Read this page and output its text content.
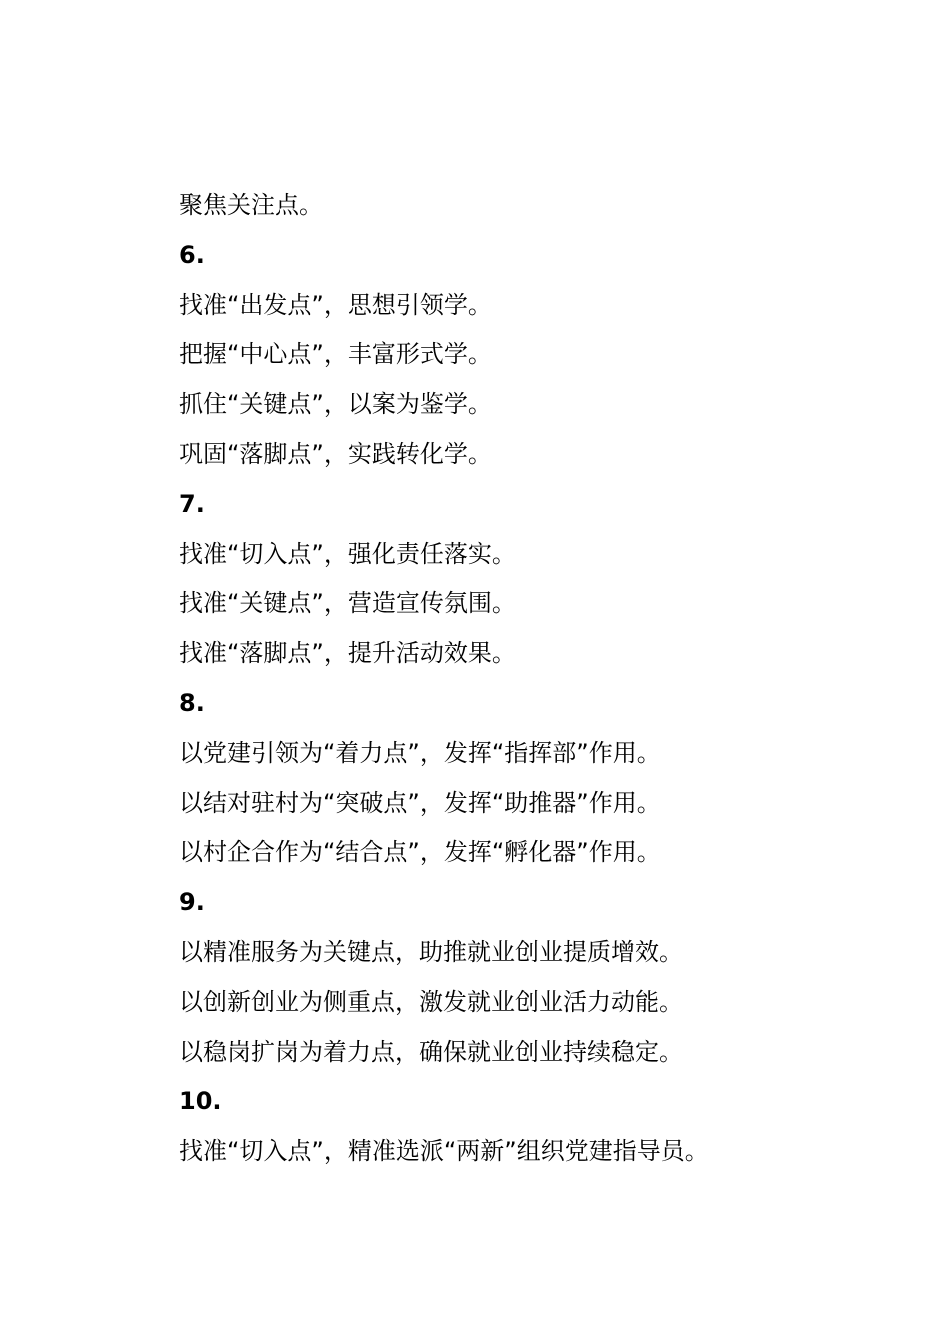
聚焦关注点。

6.

找准“出发点”，思想引领学。

把握“中心点”，丰富形式学。

抓住“关键点”，以案为鉴学。

巩固“落脚点”，实践转化学。

7.

找准“切入点”，强化责任落实。

找准“关键点”，营造宣传氛围。

找准“落脚点”，提升活动效果。

8.

以党建引领为“着力点”，发挥“指挥部”作用。

以结对驻村为“突破点”，发挥“助推器”作用。

以村企合作为“结合点”，发挥“孵化器”作用。

9.

以精准服务为关键点，助推就业创业提质增效。

以创新创业为侧重点，激发就业创业活力动能。

以稳岗扩岗为着力点，确保就业创业持续稳定。

10.

找准“切入点”，精准选派“两新”组织党建指导员。
